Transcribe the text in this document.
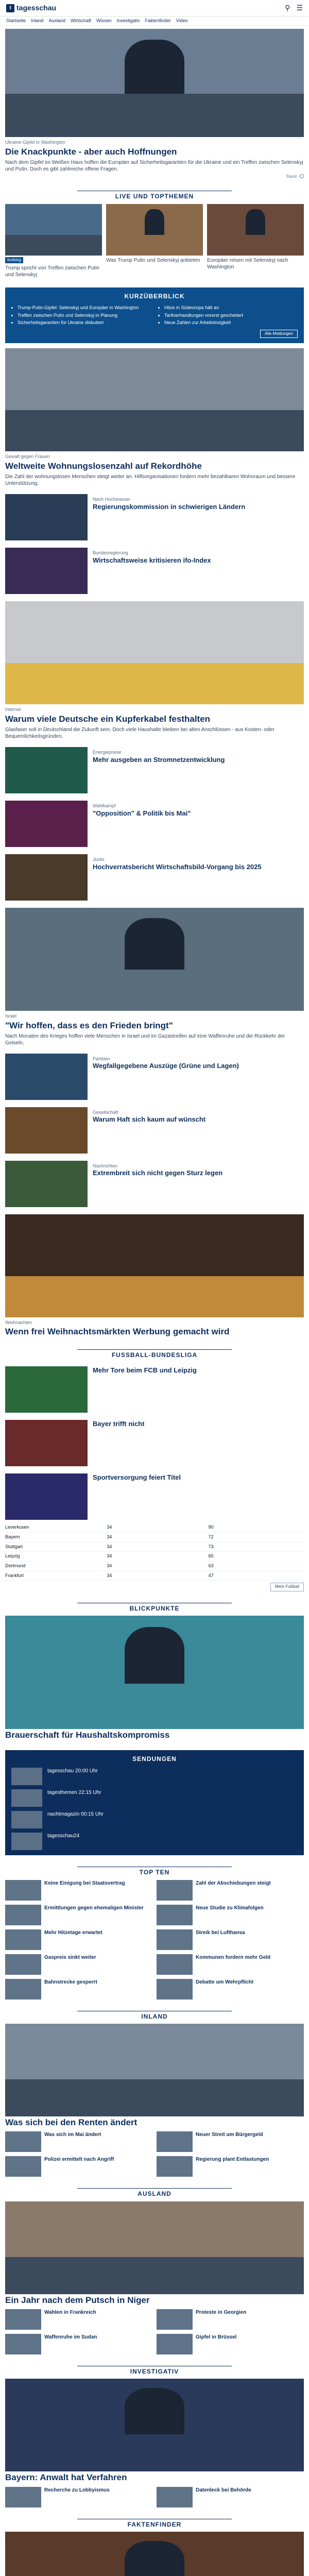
t tagesschau	⚲ ☰
Startseite Inland Ausland Wirtschaft Wissen Investigativ Faktenfinder Video
Ukraine-Gipfel in Washington
Die Knackpunkte - aber auch Hoffnungen
Nach dem Gipfel im Weißen Haus hoffen die Europäer auf Sicherheitsgarantien für die Ukraine und ein Treffen zwischen Selenskyj und Putin. Doch es gibt zahlreiche offene Fragen.
Stand
LIVE UND TOPTHEMEN
liveblog
Trump spricht von Treffen zwischen Putin und Selenskyj
Was Trump Putin und Selenskyj anbieten	Europäer reisen mit Selenskyj nach Washington
KURZÜBERBLICK
• Trump-Putin-Gipfel: Selenskyj und Europäer in Washington
• Treffen zwischen Putin und Selenskyj in Planung
• Sicherheitsgarantien für Ukraine diskutiert
• Hitze in Südeuropa hält an
• Tarifverhandlungen vorerst gescheitert
• Neue Zahlen zur Arbeitslosigkeit
Alle Meldungen
Gewalt gegen Frauen
Weltweite Wohnungslosenzahl auf Rekordhöhe
Die Zahl der wohnungslosen Menschen steigt weiter an. Hilfsorganisationen fordern mehr bezahlbaren Wohnraum und bessere Unterstützung.
Nach Hochwasser
Regierungskommission in schwierigen Ländern
Bundesregierung
Wirtschaftsweise kritisieren ifo-Index
Internet
Warum viele Deutsche ein Kupferkabel festhalten
Glasfaser soll in Deutschland die Zukunft sein. Doch viele Haushalte bleiben bei alten Anschlüssen - aus Kosten- oder Bequemlichkeitsgründen.
Energiepreise
Mehr ausgeben an Stromnetzentwicklung
Wahlkampf
"Opposition" & Politik bis Mai"
Justiz
Hochverratsbericht Wirtschaftsbild-Vorgang bis 2025
Israel
"Wir hoffen, dass es den Frieden bringt"
Nach Monaten des Krieges hoffen viele Menschen in Israel und im Gazastreifen auf eine Waffenruhe und die Rückkehr der Geiseln.
Parteien
Wegfallgegebene Auszüge (Grüne und Lagen)
Gesellschaft
Warum Haft sich kaum auf wünscht
Nachrichten
Extrembreit sich nicht gegen Sturz legen
Weihnachten
Wenn frei Weihnachtsmärkten Werbung gemacht wird
FUSSBALL-BUNDESLIGA
Mehr Tore beim FCB und Leipzig
Bayer trifft nicht
Sportversorgung feiert Titel
Leverkusen	34	90
Bayern	34	72
Stuttgart	34	73
Leipzig	34	65
Dortmund	34	63
Frankfurt	34	47
Mehr Fußball
BLICKPUNKTE
Brauerschaft für Haushaltskompromiss
SENDUNGEN
tagesschau 20:00 Uhr
tagesthemen 22:15 Uhr
nachtmagazin 00:15 Uhr
tagesschau24
TOP TEN
Keine Einigung bei Staatsvertrag	Zahl der Abschiebungen steigt
Ermittlungen gegen ehemaligen Minister	Neue Studie zu Klimafolgen
Mehr Hitzetage erwartet	Streik bei Lufthansa
Gaspreis sinkt weiter	Kommunen fordern mehr Geld
Bahnstrecke gesperrt	Debatte um Wehrpflicht
INLAND
Was sich bei den Renten ändert
Was sich im Mai ändert	Neuer Streit um Bürgergeld
Polizei ermittelt nach Angriff	Regierung plant Entlastungen
AUSLAND
Ein Jahr nach dem Putsch in Niger
Wahlen in Frankreich	Proteste in Georgien
Waffenruhe im Sudan	Gipfel in Brüssel
INVESTIGATIV
Bayern: Anwalt hat Verfahren
Recherche zu Lobbyismus	Datenleck bei Behörde
FAKTENFINDER
